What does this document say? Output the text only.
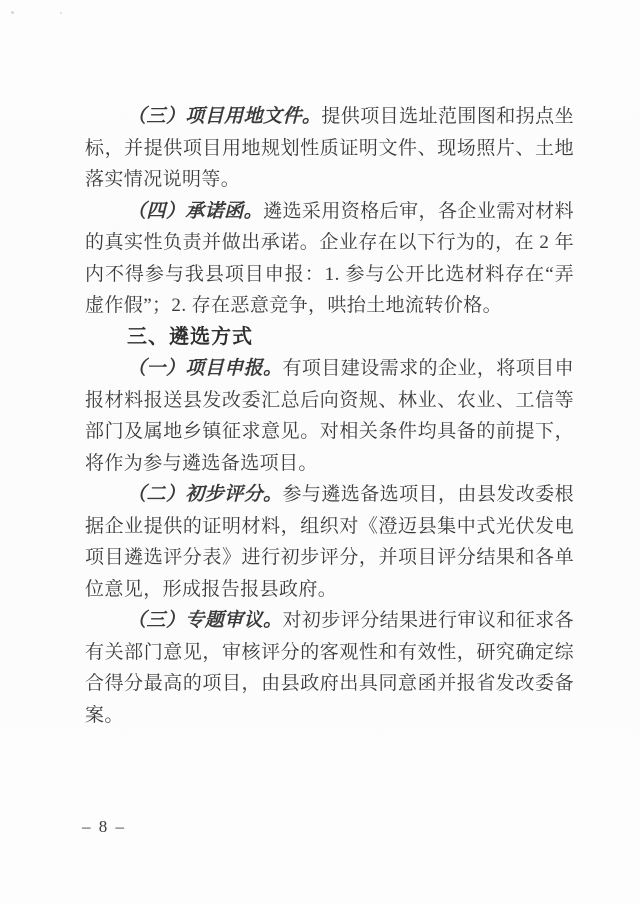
（三）项目用地文件。提供项目选址范围图和拐点坐标，并提供项目用地规划性质证明文件、现场照片、土地落实情况说明等。

（四）承诺函。遴选采用资格后审，各企业需对材料的真实性负责并做出承诺。企业存在以下行为的，在 2 年内不得参与我县项目申报：1. 参与公开比选材料存在“弄虚作假”；2. 存在恶意竞争，哄抬土地流转价格。

三、遴选方式

（一）项目申报。有项目建设需求的企业，将项目申报材料报送县发改委汇总后向资规、林业、农业、工信等部门及属地乡镇征求意见。对相关条件均具备的前提下，将作为参与遴选备选项目。

（二）初步评分。参与遴选备选项目，由县发改委根据企业提供的证明材料，组织对《澄迈县集中式光伏发电项目遴选评分表》进行初步评分，并项目评分结果和各单位意见，形成报告报县政府。

（三）专题审议。对初步评分结果进行审议和征求各有关部门意见，审核评分的客观性和有效性，研究确定综合得分最高的项目，由县政府出具同意函并报省发改委备案。

– 8 –
